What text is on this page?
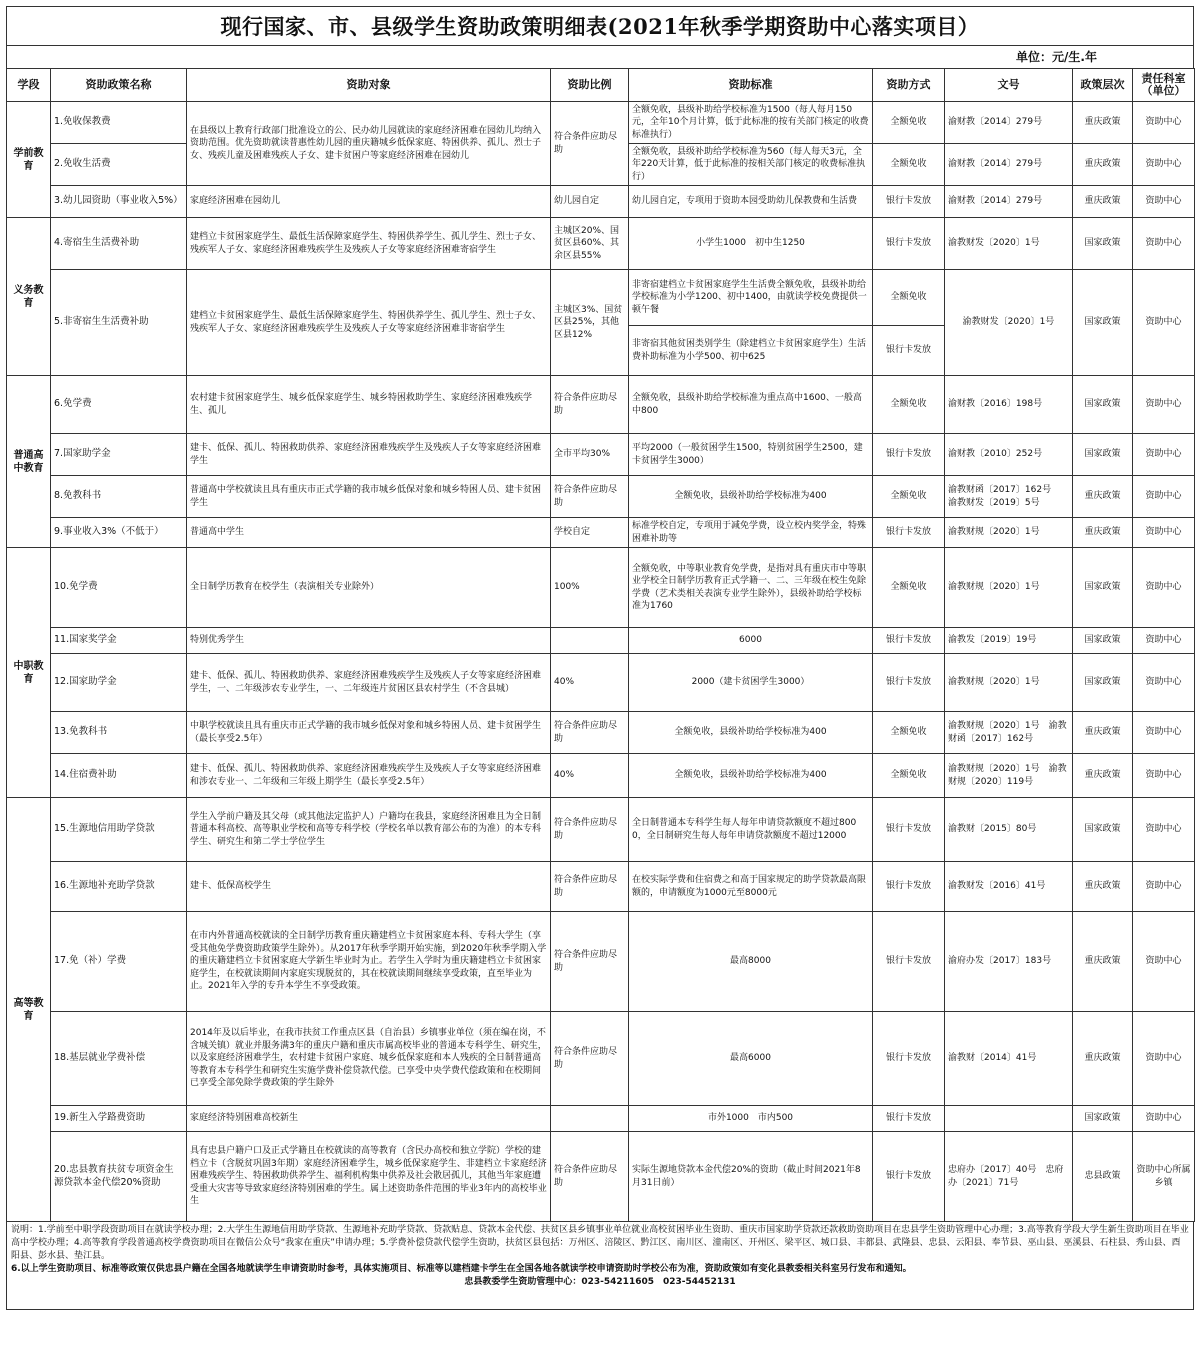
现行国家、市、县级学生资助政策明细表(2021年秋季学期资助中心落实项目）
单位：元/生.年
学段	资助政策名称	资助对象	资助比例	资助标准	资助方式	文号	政策层次	责任科室（单位）
学前教育	1.免收保教费	在县级以上教育行政部门批准设立的公、民办幼儿园就读的家庭经济困难在园幼儿均纳入资助范围。优先资助就读普惠性幼儿园的重庆籍城乡低保家庭、特困供养、孤儿、烈士子女、残疾儿童及困难残疾人子女、建卡贫困户等家庭经济困难在园幼儿	符合条件应助尽助	全额免收，县级补助给学校标准为1500（每人每月150元，全年10个月计算，低于此标准的按有关部门核定的收费标准执行）	全额免收	渝财教〔2014〕279号	重庆政策	资助中心
	2.免收生活费			全额免收，县级补助给学校标准为560（每人每天3元，全年220天计算，低于此标准的按相关部门核定的收费标准执行）	全额免收	渝财教〔2014〕279号	重庆政策	资助中心
	3.幼儿园资助（事业收入5%）	家庭经济困难在园幼儿	幼儿园自定	幼儿园自定，专项用于资助本园受助幼儿保教费和生活费	银行卡发放	渝财教〔2014〕279号	重庆政策	资助中心
义务教育	4.寄宿生生活费补助	建档立卡贫困家庭学生、最低生活保障家庭学生、特困供养学生、孤儿学生、烈士子女、残疾军人子女、家庭经济困难残疾学生及残疾人子女等家庭经济困难寄宿学生	主城区20%、国贫区县60%、其余区县55%	小学生1000　初中生1250	银行卡发放	渝教财发〔2020〕1号	国家政策	资助中心
	5.非寄宿生生活费补助	建档立卡贫困家庭学生、最低生活保障家庭学生、特困供养学生、孤儿学生、烈士子女、残疾军人子女、家庭经济困难残疾学生及残疾人子女等家庭经济困难非寄宿学生	主城区3%、国贫区县25%，其他区县12%	非寄宿建档立卡贫困家庭学生生活费全额免收，县级补助给学校标准为小学1200、初中1400，由就读学校免费提供一顿午餐	全额免收	渝教财发〔2020〕1号	国家政策	资助中心
				非寄宿其他贫困类别学生（除建档立卡贫困家庭学生）生活费补助标准为小学500、初中625	银行卡发放			
普通高中教育	6.免学费	农村建卡贫困家庭学生、城乡低保家庭学生、城乡特困救助学生、家庭经济困难残疾学生、孤儿	符合条件应助尽助	全额免收，县级补助给学校标准为重点高中1600、一般高中800	全额免收	渝财教〔2016〕198号	国家政策	资助中心
	7.国家助学金	建卡、低保、孤儿、特困救助供养、家庭经济困难残疾学生及残疾人子女等家庭经济困难学生	全市平均30%	平均2000（一般贫困学生1500，特别贫困学生2500，建卡贫困学生3000）	银行卡发放	渝财教〔2010〕252号	国家政策	资助中心
	8.免教科书	普通高中学校就读且具有重庆市正式学籍的我市城乡低保对象和城乡特困人员、建卡贫困学生	符合条件应助尽助	全额免收，县级补助给学校标准为400	全额免收	渝教财函〔2017〕162号　渝教财发〔2019〕5号	重庆政策	资助中心
	9.事业收入3%（不低于）	普通高中学生	学校自定	标准学校自定，专项用于减免学费，设立校内奖学金，特殊困难补助等	银行卡发放	渝教财规〔2020〕1号	重庆政策	资助中心
中职教育	10.免学费	全日制学历教育在校学生（表演相关专业除外）	100%	全额免收，中等职业教育免学费，是指对具有重庆市中等职业学校全日制学历教育正式学籍一、二、三年级在校生免除学费（艺术类相关表演专业学生除外），县级补助给学校标准为1760	全额免收	渝教财规〔2020〕1号	国家政策	资助中心
	11.国家奖学金	特别优秀学生		6000	银行卡发放	渝教发〔2019〕19号	国家政策	资助中心
	12.国家助学金	建卡、低保、孤儿、特困救助供养、家庭经济困难残疾学生及残疾人子女等家庭经济困难学生，一、二年级涉农专业学生，一、二年级连片贫困区县农村学生（不含县城）	40%	2000（建卡贫困学生3000）	银行卡发放	渝教财规〔2020〕1号	国家政策	资助中心
	13.免教科书	中职学校就读且具有重庆市正式学籍的我市城乡低保对象和城乡特困人员、建卡贫困学生（最长享受2.5年）	符合条件应助尽助	全额免收，县级补助给学校标准为400	全额免收	渝教财规〔2020〕1号　渝教财函〔2017〕162号	重庆政策	资助中心
	14.住宿费补助	建卡、低保、孤儿、特困救助供养、家庭经济困难残疾学生及残疾人子女等家庭经济困难和涉农专业一、二年级和三年级上期学生（最长享受2.5年）	40%	全额免收，县级补助给学校标准为400	全额免收	渝教财规〔2020〕1号　渝教财规〔2020〕119号	重庆政策	资助中心
高等教育	15.生源地信用助学贷款	学生入学前户籍及其父母（或其他法定监护人）户籍均在我县，家庭经济困难且为全日制普通本科高校、高等职业学校和高等专科学校（学校名单以教育部公布的为准）的本专科学生、研究生和第二学士学位学生	符合条件应助尽助	全日制普通本专科学生每人每年申请贷款额度不超过8000，全日制研究生每人每年申请贷款额度不超过12000	银行卡发放	渝教财〔2015〕80号	国家政策	资助中心
	16.生源地补充助学贷款	建卡、低保高校学生	符合条件应助尽助	在校实际学费和住宿费之和高于国家规定的助学贷款最高限额的，申请额度为1000元至8000元	银行卡发放	渝教财发〔2016〕41号	重庆政策	资助中心
	17.免（补）学费	在市内外普通高校就读的全日制学历教育重庆籍建档立卡贫困家庭本科、专科大学生（享受其他免学费资助政策学生除外）。从2017年秋季学期开始实施，到2020年秋季学期入学的重庆籍建档立卡贫困家庭大学新生毕业时为止。若学生入学时为重庆籍建档立卡贫困家庭学生，在校就读期间内家庭实现脱贫的，其在校就读期间继续享受政策，直至毕业为止。2021年入学的专升本学生不享受政策。	符合条件应助尽助	最高8000	银行卡发放	渝府办发〔2017〕183号	重庆政策	资助中心
	18.基层就业学费补偿	2014年及以后毕业，在我市扶贫工作重点区县（自治县）乡镇事业单位（须在编在岗，不含城关镇）就业并服务满3年的重庆户籍和重庆市属高校毕业的普通本专科学生、研究生，以及家庭经济困难学生，农村建卡贫困户家庭、城乡低保家庭和本人残疾的全日制普通高等教育本专科学生和研究生实施学费补偿贷款代偿。已享受中央学费代偿政策和在校期间已享受全部免除学费政策的学生除外	符合条件应助尽助	最高6000	银行卡发放	渝教财〔2014〕41号	重庆政策	资助中心
	19.新生入学路费资助	家庭经济特别困难高校新生		市外1000　市内500	银行卡发放		国家政策	资助中心
	20.忠县教育扶贫专项资金生源贷款本金代偿20%资助	具有忠县户籍户口及正式学籍且在校就读的高等教育（含民办高校和独立学院）学校的建档立卡（含脱贫巩固3年期）家庭经济困难学生，城乡低保家庭学生、非建档立卡家庭经济困难残疾学生、特困救助供养学生、福利机构集中供养及社会散居孤儿，其他当年家庭遭受重大灾害等导致家庭经济特别困难的学生。属上述资助条件范围的毕业3年内的高校毕业生	符合条件应助尽助	实际生源地贷款本金代偿20%的资助（截止时间2021年8月31日前）	银行卡发放	忠府办〔2017〕40号　忠府办〔2021〕71号	忠县政策	资助中心所属乡镇

说明：1.学前至中职学段资助项目在就读学校办理；2.大学生生源地信用助学贷款、生源地补充助学贷款、贷款贴息、贷款本金代偿、扶贫区县乡镇事业单位就业高校贫困毕业生资助、重庆市国家助学贷款还款救助资助项目在忠县学生资助管理中心办理；3.高等教育学段大学生新生资助项目在毕业高中学校办理；4.高等教育学段普通高校学费资助项目在微信公众号“我家在重庆”申请办理；5.学费补偿贷款代偿学生资助，扶贫区县包括：万州区、涪陵区、黔江区、南川区、潼南区、开州区、梁平区、城口县、丰都县、武隆县、忠县、云阳县、奉节县、巫山县、巫溪县、石柱县、秀山县、酉阳县、彭水县、垫江县。

6.以上学生资助项目、标准等政策仅供忠县户籍在全国各地就读学生申请资助时参考，具体实施项目、标准等以建档建卡学生在全国各地各就读学校申请资助时学校公布为准，资助政策如有变化县教委相关科室另行发布和通知。

忠县教委学生资助管理中心：023-54211605　023-54452131
